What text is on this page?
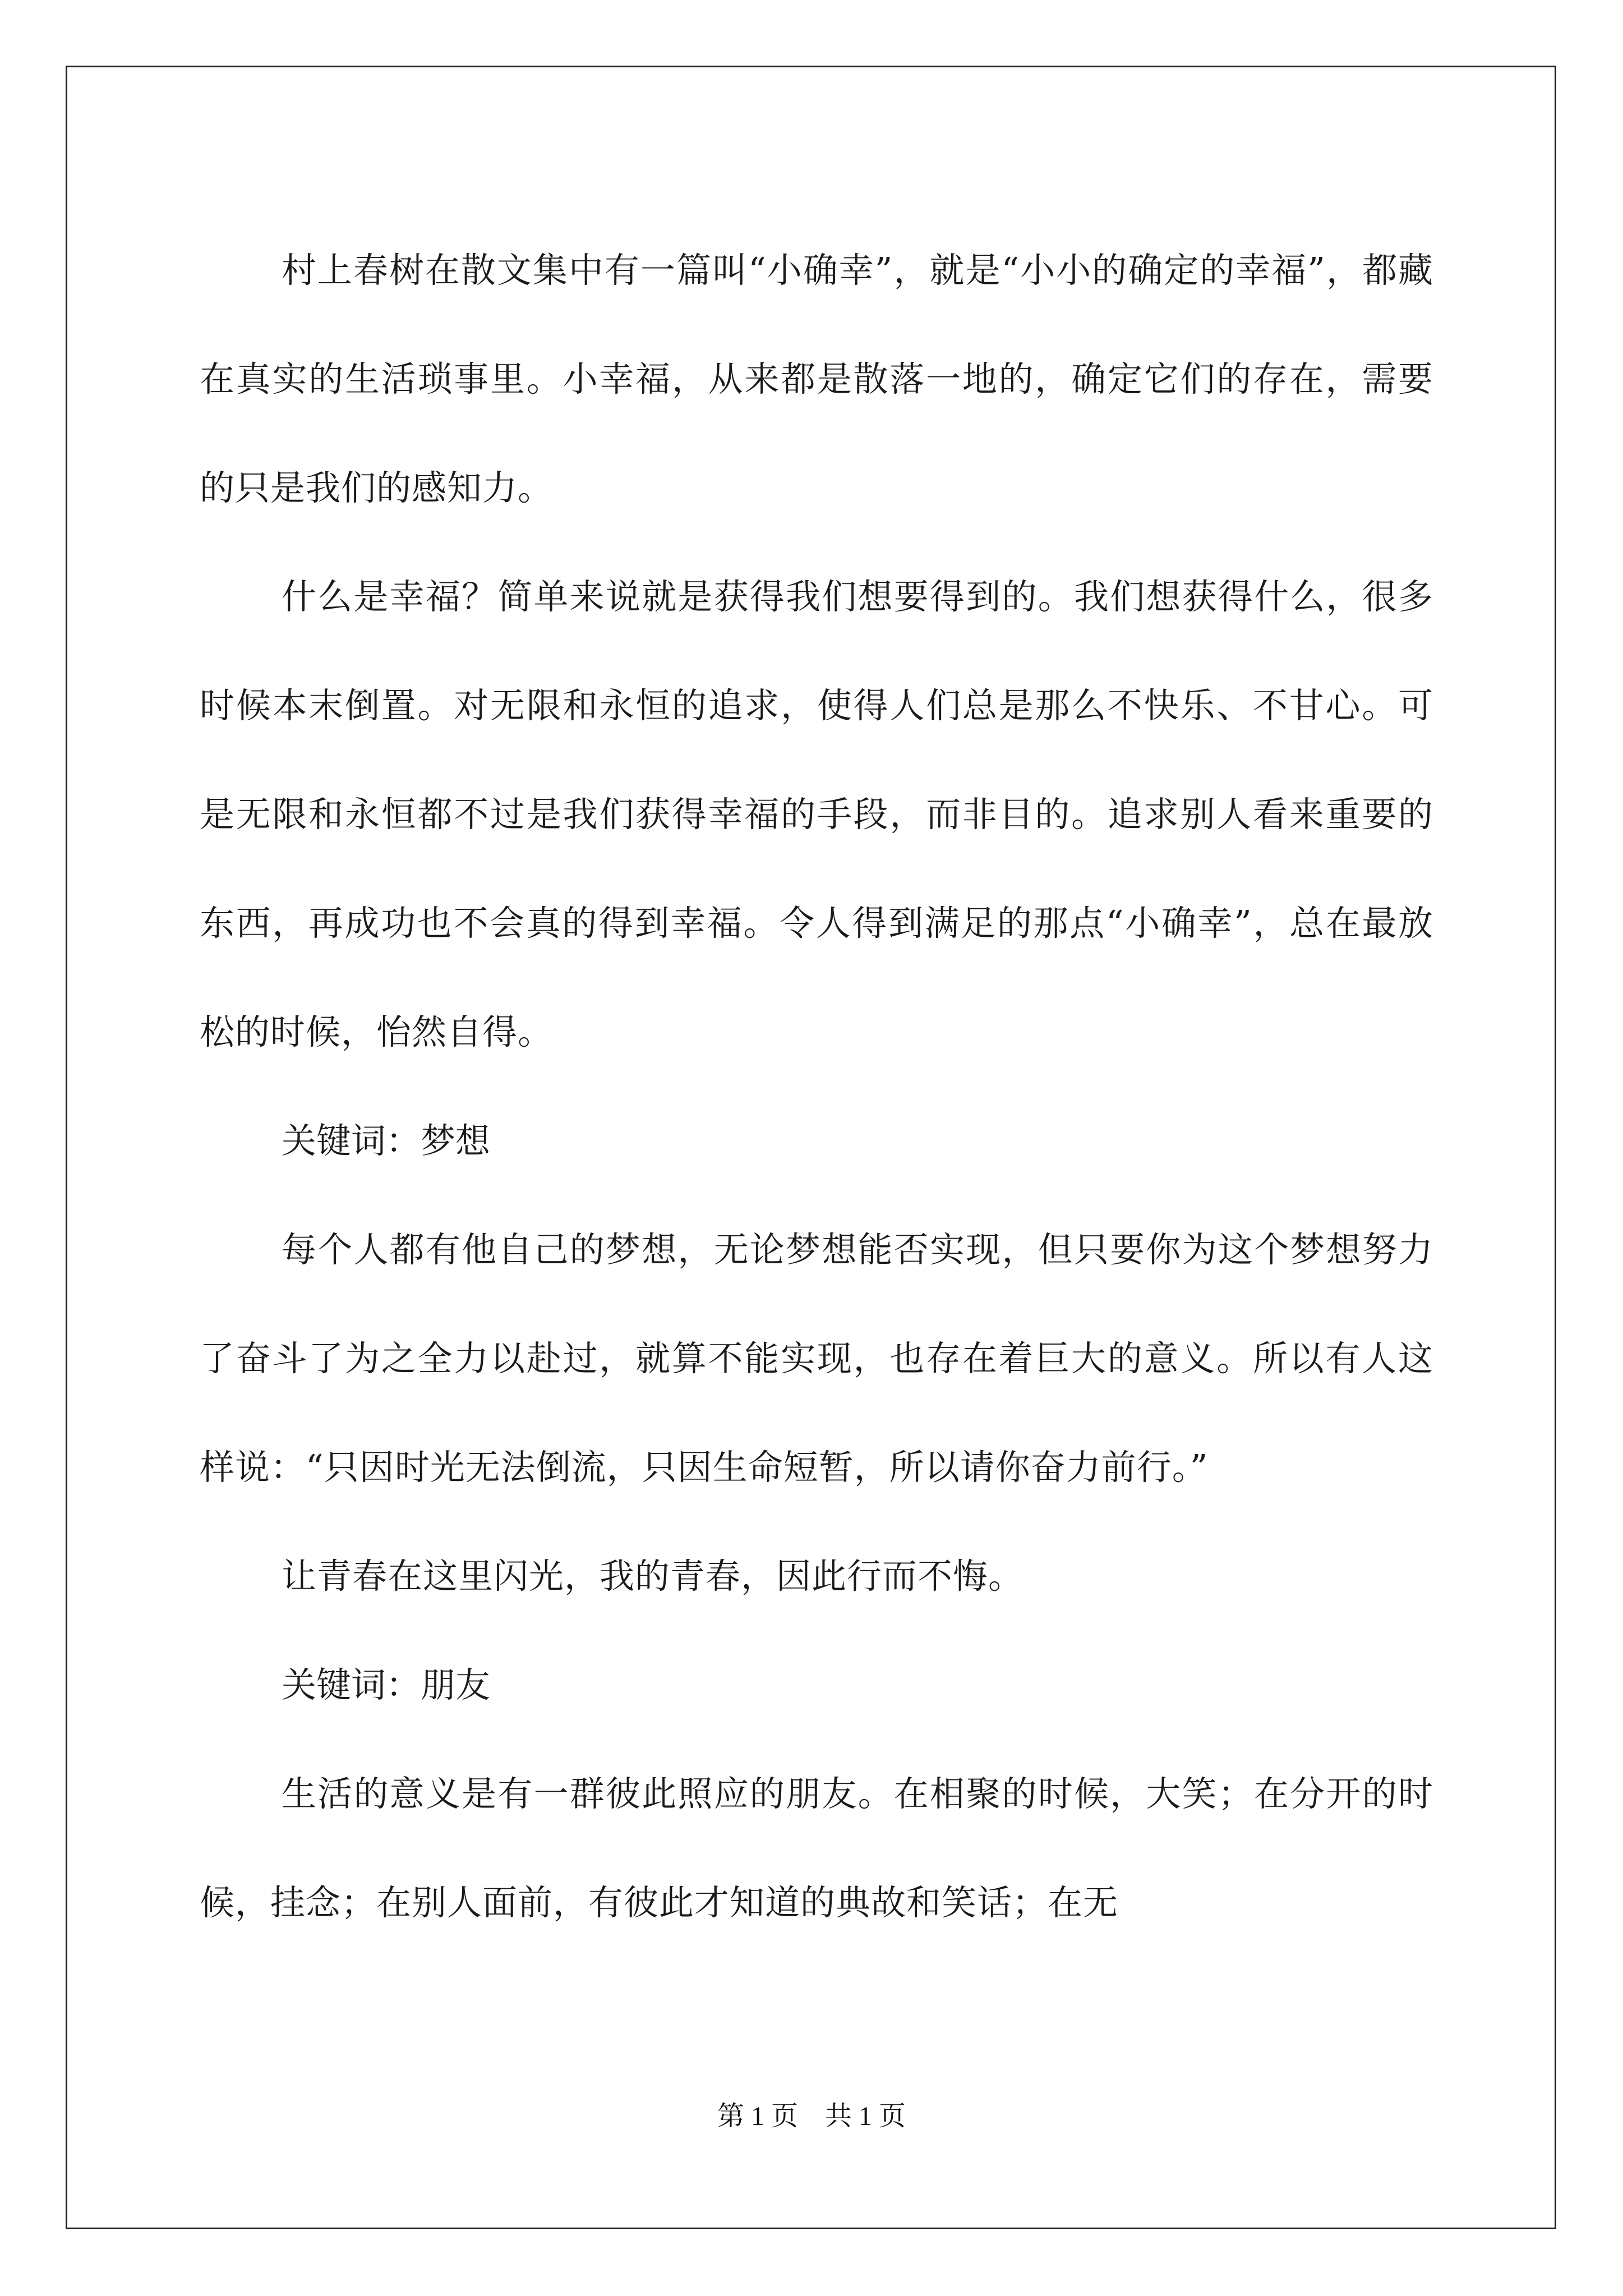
村上春树在散文集中有一篇叫“小确幸”，就是“小小的确定的幸福”，都藏在真实的生活琐事里。小幸福，从来都是散落一地的，确定它们的存在，需要的只是我们的感知力。

什么是幸福？简单来说就是获得我们想要得到的。我们想获得什么，很多时候本末倒置。对无限和永恒的追求，使得人们总是那么不快乐、不甘心。可是无限和永恒都不过是我们获得幸福的手段，而非目的。追求别人看来重要的东西，再成功也不会真的得到幸福。令人得到满足的那点“小确幸”，总在最放松的时候，怡然自得。

关键词：梦想

每个人都有他自己的梦想，无论梦想能否实现，但只要你为这个梦想努力了奋斗了为之全力以赴过，就算不能实现，也存在着巨大的意义。所以有人这样说：“只因时光无法倒流，只因生命短暂，所以请你奋力前行。”

让青春在这里闪光，我的青春，因此行而不悔。

关键词：朋友

生活的意义是有一群彼此照应的朋友。在相聚的时候，大笑；在分开的时候，挂念；在别人面前，有彼此才知道的典故和笑话；在无

第 1 页　共 1 页
